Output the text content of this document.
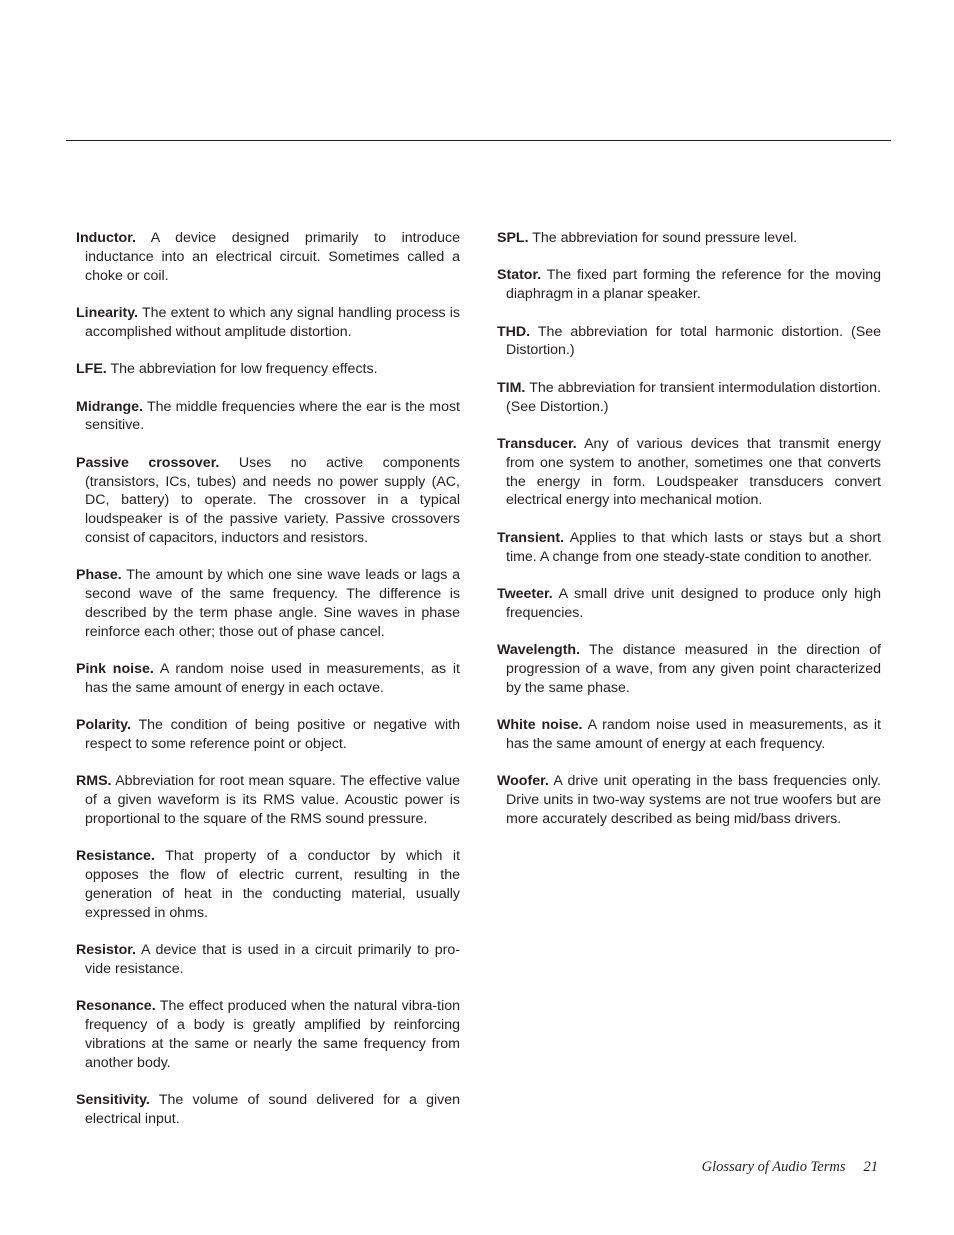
Inductor. A device designed primarily to introduce inductance into an electrical circuit. Sometimes called a choke or coil.

Linearity. The extent to which any signal handling process is accomplished without amplitude distortion.

LFE. The abbreviation for low frequency effects.

Midrange. The middle frequencies where the ear is the most sensitive.

Passive crossover. Uses no active components (transistors, ICs, tubes) and needs no power supply (AC, DC, battery) to operate. The crossover in a typical loudspeaker is of the passive variety. Passive crossovers consist of capacitors, inductors and resistors.

Phase. The amount by which one sine wave leads or lags a second wave of the same frequency. The difference is described by the term phase angle. Sine waves in phase reinforce each other; those out of phase cancel.

Pink noise. A random noise used in measurements, as it has the same amount of energy in each octave.

Polarity. The condition of being positive or negative with respect to some reference point or object.

RMS. Abbreviation for root mean square. The effective value of a given waveform is its RMS value. Acoustic power is proportional to the square of the RMS sound pressure.

Resistance. That property of a conductor by which it opposes the flow of electric current, resulting in the generation of heat in the conducting material, usually expressed in ohms.

Resistor. A device that is used in a circuit primarily to pro-vide resistance.

Resonance. The effect produced when the natural vibra-tion frequency of a body is greatly amplified by reinforcing vibrations at the same or nearly the same frequency from another body.

Sensitivity. The volume of sound delivered for a given electrical input.

SPL. The abbreviation for sound pressure level.

Stator. The fixed part forming the reference for the moving diaphragm in a planar speaker.

THD. The abbreviation for total harmonic distortion. (See Distortion.)

TIM. The abbreviation for transient intermodulation distortion. (See Distortion.)

Transducer. Any of various devices that transmit energy from one system to another, sometimes one that converts the energy in form. Loudspeaker transducers convert electrical energy into mechanical motion.

Transient. Applies to that which lasts or stays but a short time. A change from one steady-state condition to another.

Tweeter. A small drive unit designed to produce only high frequencies.

Wavelength. The distance measured in the direction of progression of a wave, from any given point characterized by the same phase.

White noise. A random noise used in measurements, as it has the same amount of energy at each frequency.

Woofer. A drive unit operating in the bass frequencies only. Drive units in two-way systems are not true woofers but are more accurately described as being mid/bass drivers.

Glossary of Audio Terms 21
